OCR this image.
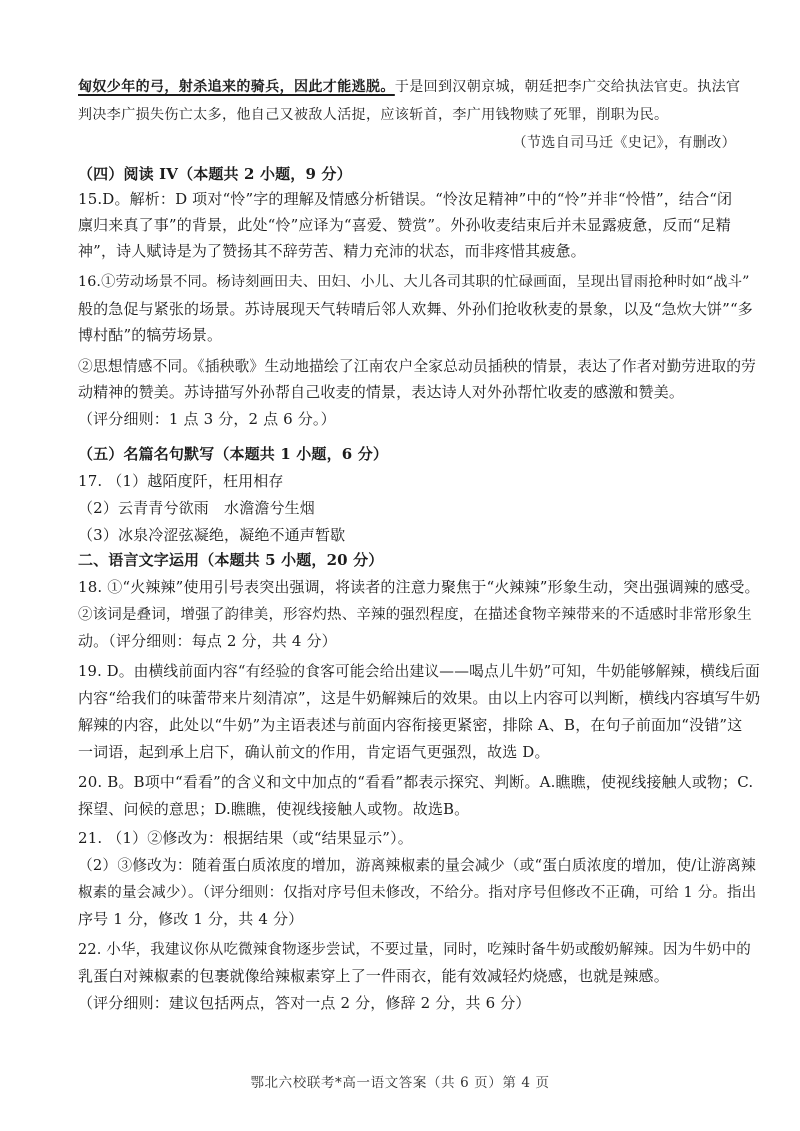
匈奴少年的弓，射杀追来的骑兵，因此才能逃脱。于是回到汉朝京城，朝廷把李广交给执法官吏。执法官
判决李广损失伤亡太多，他自己又被敌人活捉，应该斩首，李广用钱物赎了死罪，削职为民。
（节选自司马迁《史记》，有删改）
（四）阅读 IV（本题共 2 小题，9 分）
15.D。解析：D 项对“怜”字的理解及情感分析错误。“怜汝足精神”中的“怜”并非“怜惜”，结合“闭
廪归来真了事”的背景，此处“怜”应译为“喜爱、赞赏”。外孙收麦结束后并未显露疲惫，反而“足精
神”，诗人赋诗是为了赞扬其不辞劳苦、精力充沛的状态，而非疼惜其疲惫。
16.①劳动场景不同。杨诗刻画田夫、田妇、小儿、大儿各司其职的忙碌画面，呈现出冒雨抢种时如“战斗”
般的急促与紧张的场景。苏诗展现天气转晴后邻人欢舞、外孙们抢收秋麦的景象，以及“急炊大饼”“多
博村酤”的犒劳场景。
②思想情感不同。《插秧歌》生动地描绘了江南农户全家总动员插秧的情景，表达了作者对勤劳进取的劳
动精神的赞美。苏诗描写外孙帮自己收麦的情景，表达诗人对外孙帮忙收麦的感激和赞美。
（评分细则：1 点 3 分，2 点 6 分。）
（五）名篇名句默写（本题共 1 小题，6 分）
17. （1）越陌度阡，枉用相存
（2）云青青兮欲雨　水澹澹兮生烟
（3）冰泉冷涩弦凝绝，凝绝不通声暂歇
二、语言文字运用（本题共 5 小题，20 分）
18. ①“火辣辣”使用引号表突出强调，将读者的注意力聚焦于“火辣辣”形象生动，突出强调辣的感受。
②该词是叠词，增强了韵律美，形容灼热、辛辣的强烈程度，在描述食物辛辣带来的不适感时非常形象生
动。（评分细则：每点 2 分，共 4 分）
19. D。由横线前面内容“有经验的食客可能会给出建议——喝点儿牛奶”可知，牛奶能够解辣，横线后面
内容“给我们的味蕾带来片刻清凉”，这是牛奶解辣后的效果。由以上内容可以判断，横线内容填写牛奶
解辣的内容，此处以“牛奶”为主语表述与前面内容衔接更紧密，排除 A、B，在句子前面加“没错”这
一词语，起到承上启下，确认前文的作用，肯定语气更强烈，故选 D。
20. B。B项中“看看”的含义和文中加点的“看看”都表示探究、判断。A.瞧瞧，使视线接触人或物；C.
探望、问候的意思；D.瞧瞧，使视线接触人或物。故选B。
21. （1）②修改为：根据结果（或“结果显示”）。
（2）③修改为：随着蛋白质浓度的增加，游离辣椒素的量会减少（或“蛋白质浓度的增加，使/让游离辣
椒素的量会减少）。（评分细则：仅指对序号但未修改，不给分。指对序号但修改不正确，可给 1 分。指出
序号 1 分，修改 1 分，共 4 分）
22. 小华，我建议你从吃微辣食物逐步尝试，不要过量，同时，吃辣时备牛奶或酸奶解辣。因为牛奶中的
乳蛋白对辣椒素的包裹就像给辣椒素穿上了一件雨衣，能有效减轻灼烧感，也就是辣感。
（评分细则：建议包括两点，答对一点 2 分，修辞 2 分，共 6 分）
鄂北六校联考*高一语文答案（共 6 页）第 4 页
